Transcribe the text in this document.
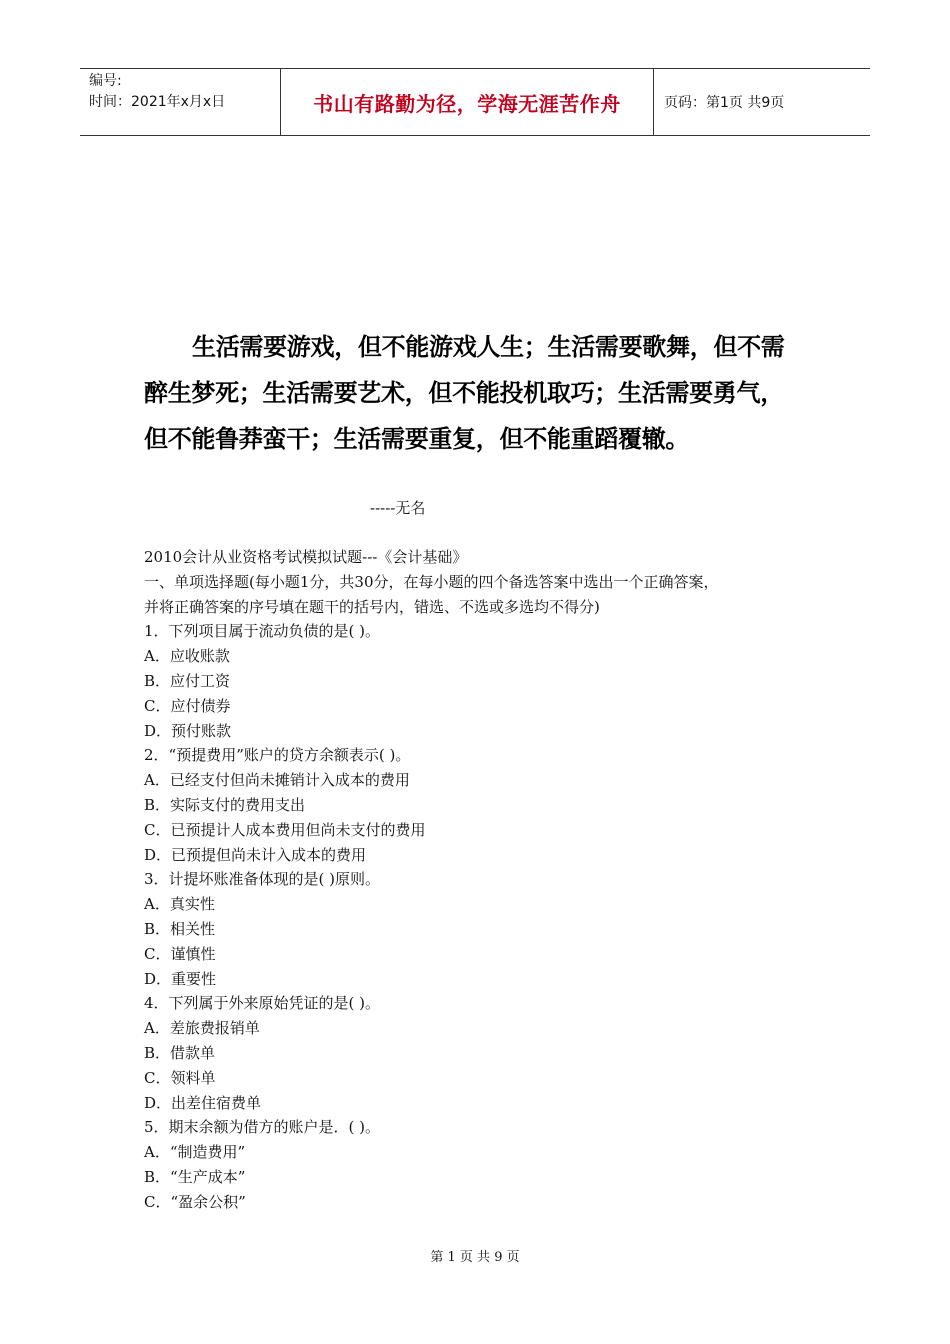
编号:
时间：2021年x月x日	书山有路勤为径，学海无涯苦作舟	页码：第1页 共9页
生活需要游戏，但不能游戏人生；生活需要歌舞，但不需醉生梦死；生活需要艺术，但不能投机取巧；生活需要勇气，但不能鲁莽蛮干；生活需要重复，但不能重蹈覆辙。
-----无名
2010会计从业资格考试模拟试题---《会计基础》
一、单项选择题(每小题1分，共30分，在每小题的四个备选答案中选出一个正确答案，
并将正确答案的序号填在题干的括号内，错选、不选或多选均不得分)
1．下列项目属于流动负债的是( )。
A．应收账款
B．应付工资
C．应付债券
D．预付账款
2．“预提费用”账户的贷方余额表示( )。
A．已经支付但尚未摊销计入成本的费用
B．实际支付的费用支出
C．已预提计人成本费用但尚未支付的费用
D．已预提但尚未计入成本的费用
3．计提坏账准备体现的是( )原则。
A．真实性
B．相关性
C．谨慎性
D．重要性
4．下列属于外来原始凭证的是( )。
A．差旅费报销单
B．借款单
C．领料单
D．出差住宿费单
5．期末余额为借方的账户是．( )。
A．“制造费用”
B．“生产成本”
C．“盈余公积”
第 1 页 共 9 页
